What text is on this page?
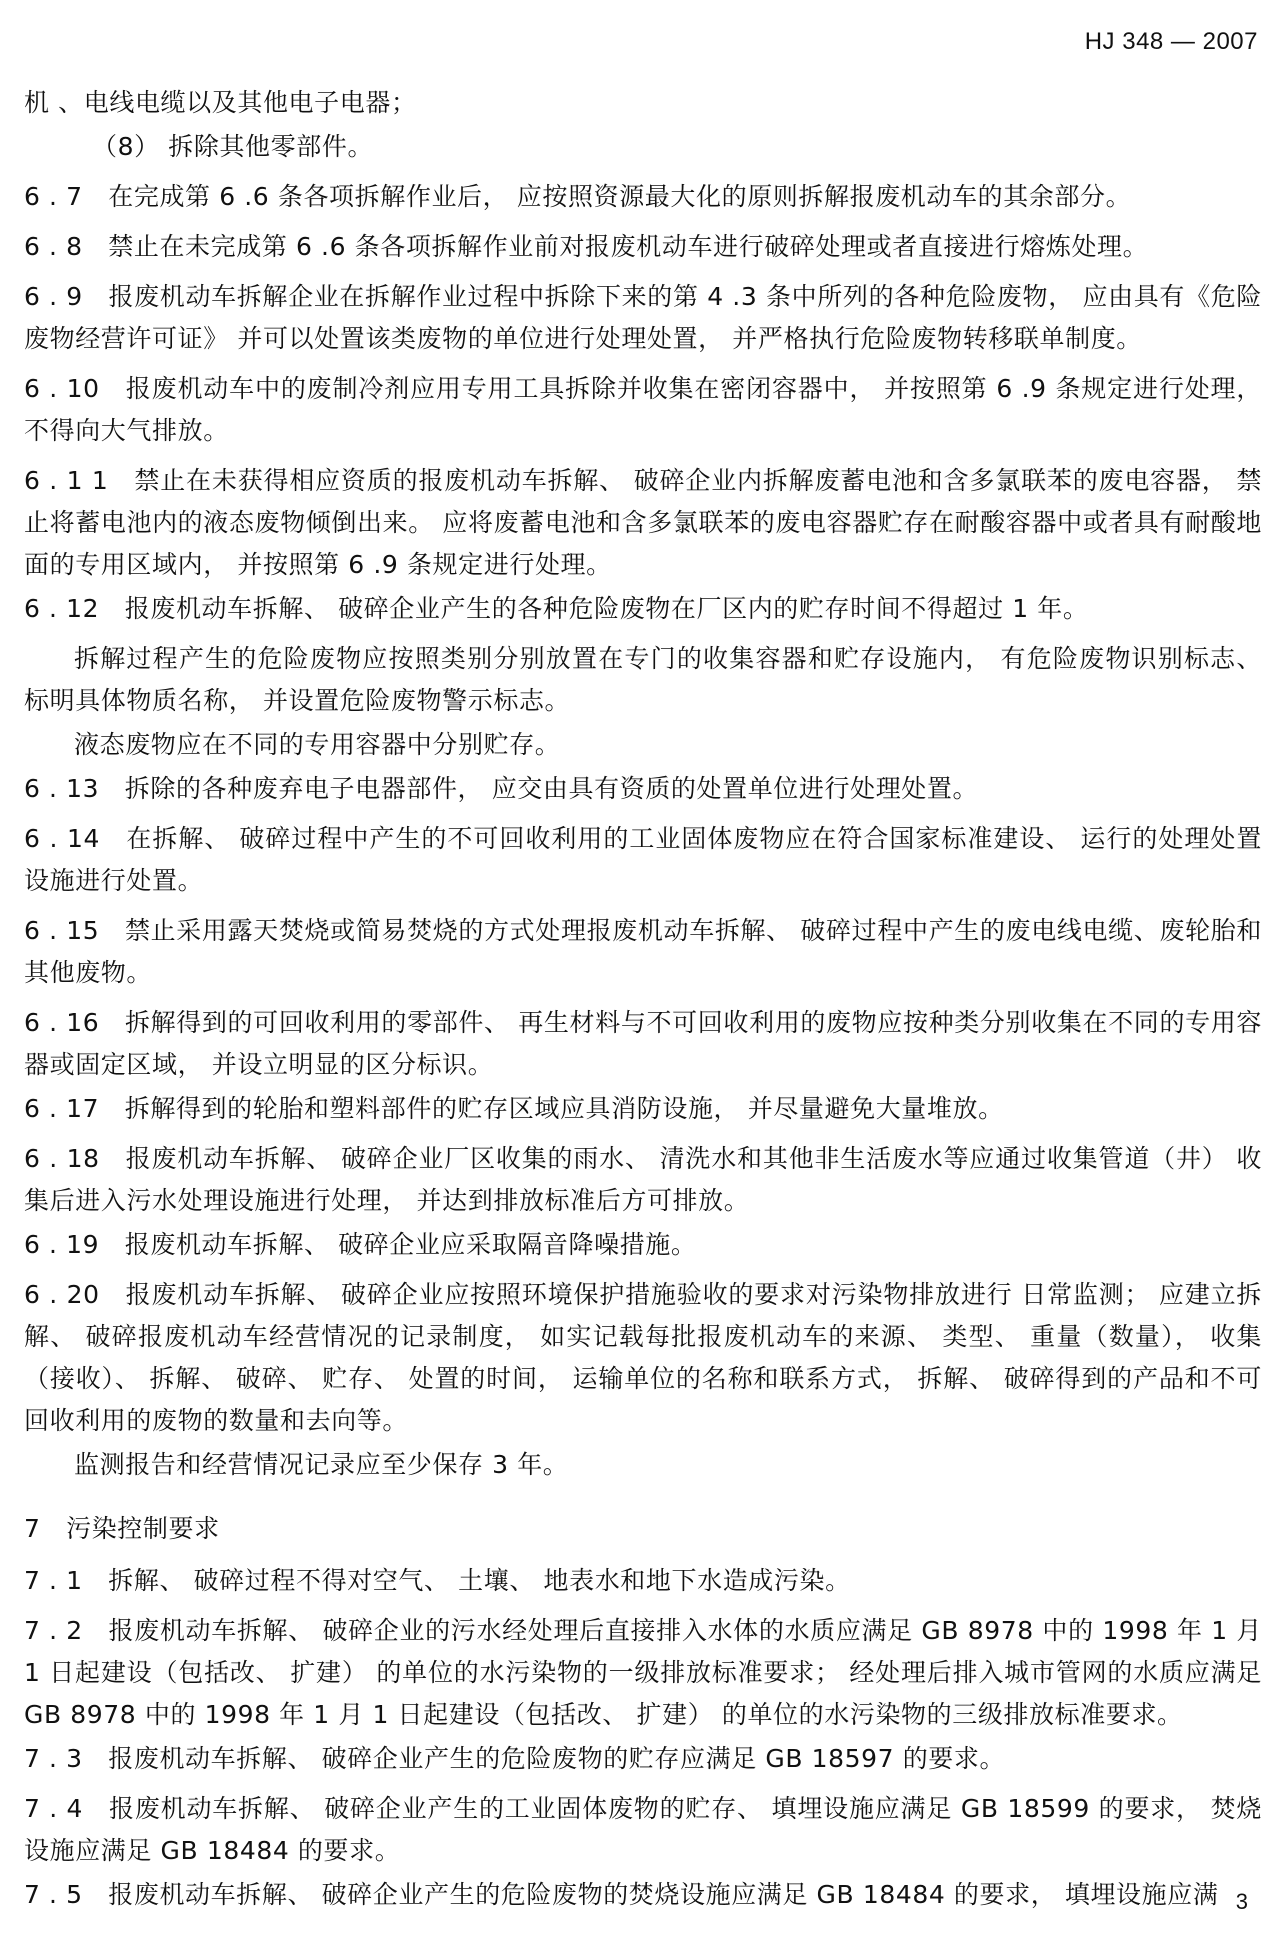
HJ 348 — 2007

机 、电线电缆以及其他电子电器；

（8） 拆除其他零部件。

6 . 7　在完成第 6 .6 条各项拆解作业后， 应按照资源最大化的原则拆解报废机动车的其余部分。

6 . 8　禁止在未完成第 6 .6 条各项拆解作业前对报废机动车进行破碎处理或者直接进行熔炼处理。

6 . 9　报废机动车拆解企业在拆解作业过程中拆除下来的第 4 .3 条中所列的各种危险废物， 应由具有《危险废物经营许可证》 并可以处置该类废物的单位进行处理处置， 并严格执行危险废物转移联单制度。

6 . 10　报废机动车中的废制冷剂应用专用工具拆除并收集在密闭容器中， 并按照第 6 .9 条规定进行处理， 不得向大气排放。

6 . 1 1　禁止在未获得相应资质的报废机动车拆解、 破碎企业内拆解废蓄电池和含多氯联苯的废电容器， 禁止将蓄电池内的液态废物倾倒出来。 应将废蓄电池和含多氯联苯的废电容器贮存在耐酸容器中或者具有耐酸地面的专用区域内， 并按照第 6 .9 条规定进行处理。

6 . 12　报废机动车拆解、 破碎企业产生的各种危险废物在厂区内的贮存时间不得超过 1 年。

拆解过程产生的危险废物应按照类别分别放置在专门的收集容器和贮存设施内， 有危险废物识别标志、 标明具体物质名称， 并设置危险废物警示标志。

液态废物应在不同的专用容器中分别贮存。

6 . 13　拆除的各种废弃电子电器部件， 应交由具有资质的处置单位进行处理处置。

6 . 14　在拆解、 破碎过程中产生的不可回收利用的工业固体废物应在符合国家标准建设、 运行的处理处置设施进行处置。

6 . 15　禁止采用露天焚烧或简易焚烧的方式处理报废机动车拆解、 破碎过程中产生的废电线电缆、废轮胎和其他废物。

6 . 16　拆解得到的可回收利用的零部件、 再生材料与不可回收利用的废物应按种类分别收集在不同的专用容器或固定区域， 并设立明显的区分标识。

6 . 17　拆解得到的轮胎和塑料部件的贮存区域应具消防设施， 并尽量避免大量堆放。

6 . 18　报废机动车拆解、 破碎企业厂区收集的雨水、 清洗水和其他非生活废水等应通过收集管道（井） 收集后进入污水处理设施进行处理， 并达到排放标准后方可排放。

6 . 19　报废机动车拆解、 破碎企业应采取隔音降噪措施。

6 . 20　报废机动车拆解、 破碎企业应按照环境保护措施验收的要求对污染物排放进行 日常监测； 应建立拆解、 破碎报废机动车经营情况的记录制度， 如实记载每批报废机动车的来源、 类型、 重量（数量）， 收集（接收）、 拆解、 破碎、 贮存、 处置的时间， 运输单位的名称和联系方式， 拆解、 破碎得到的产品和不可回收利用的废物的数量和去向等。

监测报告和经营情况记录应至少保存 3 年。

7　污染控制要求

7 . 1　拆解、 破碎过程不得对空气、 土壤、 地表水和地下水造成污染。

7 . 2　报废机动车拆解、 破碎企业的污水经处理后直接排入水体的水质应满足 GB 8978 中的 1998 年 1 月 1 日起建设（包括改、 扩建） 的单位的水污染物的一级排放标准要求； 经处理后排入城市管网的水质应满足 GB 8978 中的 1998 年 1 月 1 日起建设（包括改、 扩建） 的单位的水污染物的三级排放标准要求。

7 . 3　报废机动车拆解、 破碎企业产生的危险废物的贮存应满足 GB 18597 的要求。

7 . 4　报废机动车拆解、 破碎企业产生的工业固体废物的贮存、 填埋设施应满足 GB 18599 的要求， 焚烧设施应满足 GB 18484 的要求。

7 . 5　报废机动车拆解、 破碎企业产生的危险废物的焚烧设施应满足 GB 18484 的要求， 填埋设施应满 3
